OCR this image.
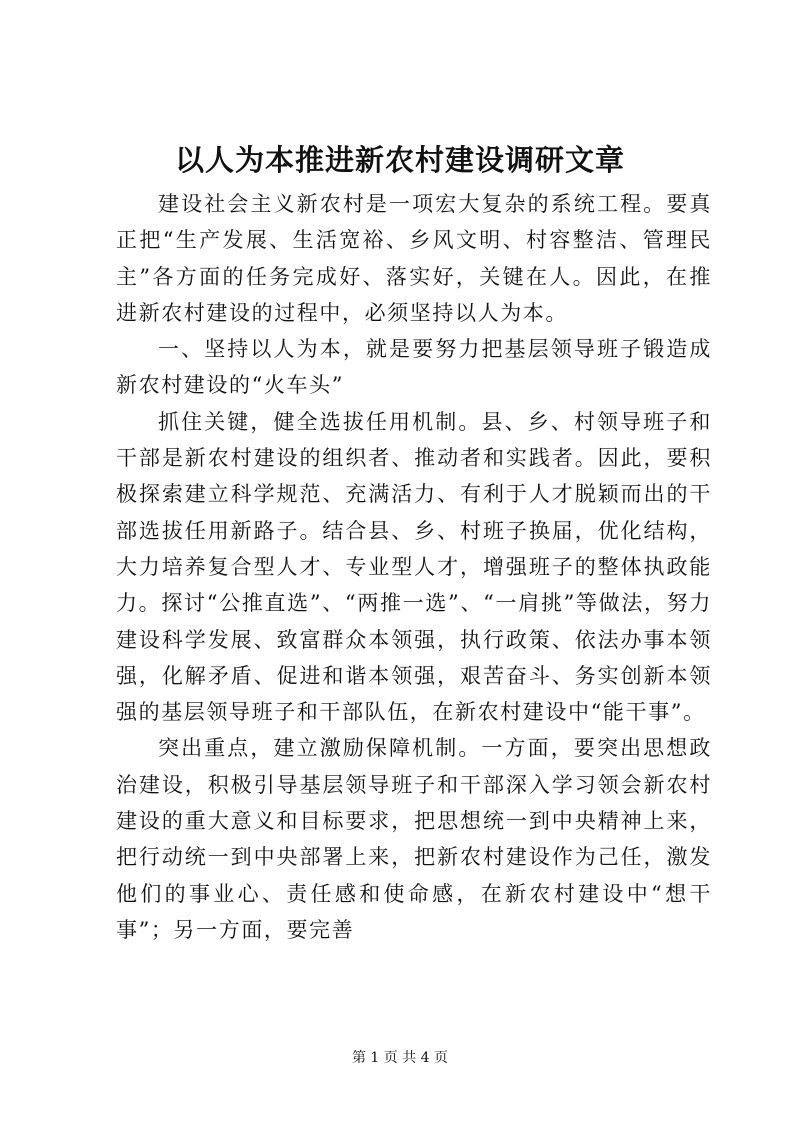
以人为本推进新农村建设调研文章

建设社会主义新农村是一项宏大复杂的系统工程。要真正把“生产发展、生活宽裕、乡风文明、村容整洁、管理民主”各方面的任务完成好、落实好，关键在人。因此，在推进新农村建设的过程中，必须坚持以人为本。

一、坚持以人为本，就是要努力把基层领导班子锻造成新农村建设的“火车头”

抓住关键，健全选拔任用机制。县、乡、村领导班子和干部是新农村建设的组织者、推动者和实践者。因此，要积极探索建立科学规范、充满活力、有利于人才脱颖而出的干部选拔任用新路子。结合县、乡、村班子换届，优化结构，大力培养复合型人才、专业型人才，增强班子的整体执政能力。探讨“公推直选”、“两推一选”、“一肩挑”等做法，努力建设科学发展、致富群众本领强，执行政策、依法办事本领强，化解矛盾、促进和谐本领强，艰苦奋斗、务实创新本领强的基层领导班子和干部队伍，在新农村建设中“能干事”。

突出重点，建立激励保障机制。一方面，要突出思想政治建设，积极引导基层领导班子和干部深入学习领会新农村建设的重大意义和目标要求，把思想统一到中央精神上来，把行动统一到中央部署上来，把新农村建设作为己任，激发他们的事业心、责任感和使命感，在新农村建设中“想干事”；另一方面，要完善

第 1 页 共 4 页
